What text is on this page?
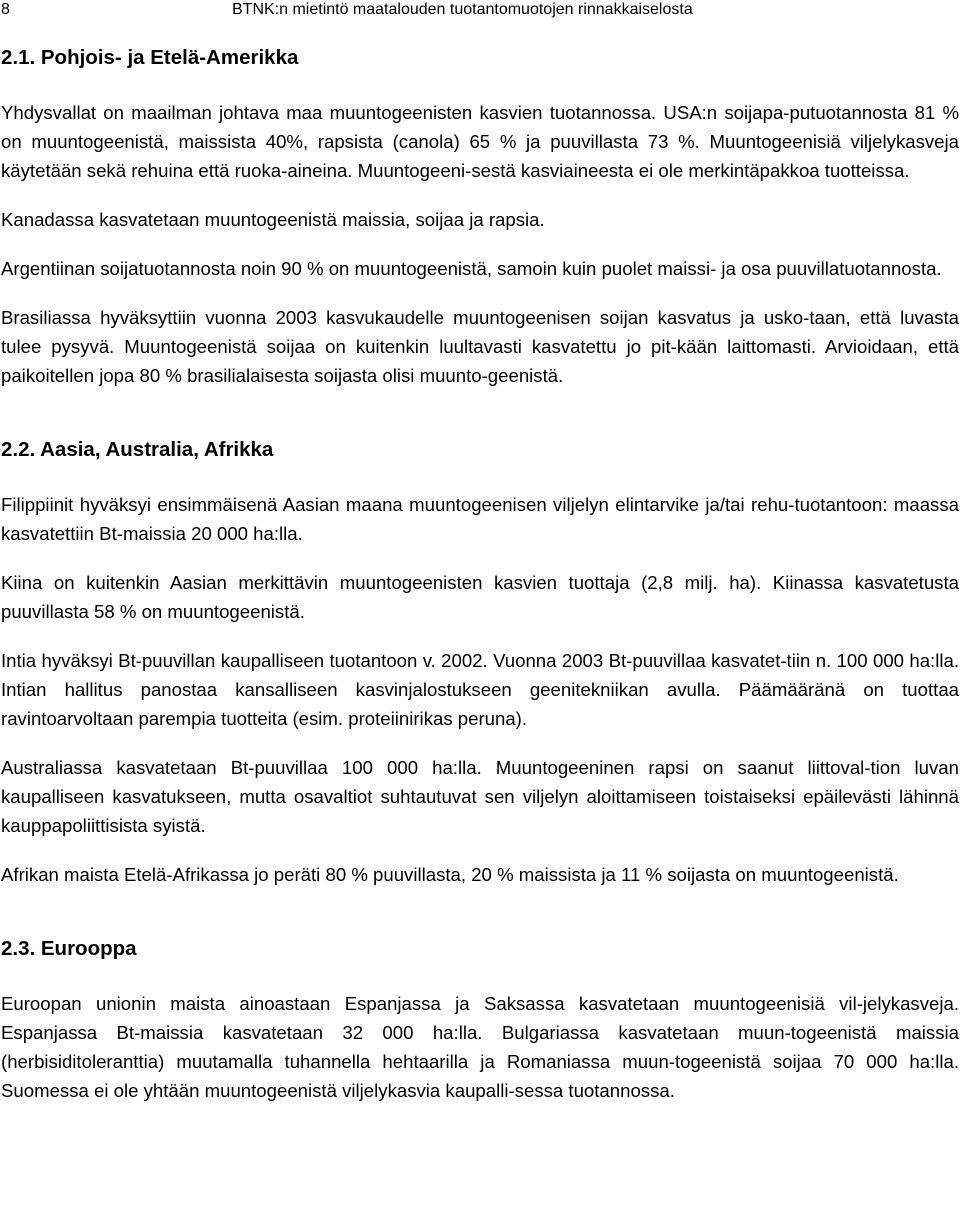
8	BTNK:n mietintö maatalouden tuotantomuotojen rinnakkaiselosta
2.1. Pohjois- ja Etelä-Amerikka

Yhdysvallat on maailman johtava maa muuntogeenisten kasvien tuotannossa. USA:n soijapa-putuotannosta 81 % on muuntogeenistä, maissista 40%, rapsista (canola) 65 % ja puuvillasta 73 %. Muuntogeenisiä viljelykasveja käytetään sekä rehuina että ruoka-aineina. Muuntogeeni-sestä kasviaineesta ei ole merkintäpakkoa tuotteissa.

Kanadassa kasvatetaan muuntogeenistä maissia, soijaa ja rapsia.

Argentiinan soijatuotannosta noin 90 % on muuntogeenistä, samoin kuin puolet maissi- ja osa puuvillatuotannosta.

Brasiliassa hyväksyttiin vuonna 2003 kasvukaudelle muuntogeenisen soijan kasvatus ja usko-taan, että luvasta tulee pysyvä. Muuntogeenistä soijaa on kuitenkin luultavasti kasvatettu jo pit-kään laittomasti. Arvioidaan, että paikoitellen jopa 80 % brasilialaisesta soijasta olisi muunto-geenistä.

2.2. Aasia, Australia, Afrikka

Filippiinit hyväksyi ensimmäisenä Aasian maana muuntogeenisen viljelyn elintarvike ja/tai rehu-tuotantoon: maassa kasvatettiin Bt-maissia 20 000 ha:lla.

Kiina on kuitenkin Aasian merkittävin muuntogeenisten kasvien tuottaja (2,8 milj. ha). Kiinassa kasvatetusta puuvillasta 58 % on muuntogeenistä.

Intia hyväksyi Bt-puuvillan kaupalliseen tuotantoon v. 2002. Vuonna 2003 Bt-puuvillaa kasvatet-tiin n. 100 000 ha:lla. Intian hallitus panostaa kansalliseen kasvinjalostukseen geenitekniikan avulla. Päämääränä on tuottaa ravintoarvoltaan parempia tuotteita (esim. proteiinirikas peruna).

Australiassa kasvatetaan Bt-puuvillaa 100 000 ha:lla. Muuntogeeninen rapsi on saanut liittoval-tion luvan kaupalliseen kasvatukseen, mutta osavaltiot suhtautuvat sen viljelyn aloittamiseen toistaiseksi epäilevästi lähinnä kauppapoliittisista syistä.

Afrikan maista Etelä-Afrikassa jo peräti 80 % puuvillasta, 20 % maissista ja 11 % soijasta on muuntogeenistä.

2.3. Eurooppa

Euroopan unionin maista ainoastaan Espanjassa ja Saksassa kasvatetaan muuntogeenisiä vil-jelykasveja. Espanjassa Bt-maissia kasvatetaan 32 000 ha:lla. Bulgariassa kasvatetaan muun-togeenistä maissia (herbisiditoleranttia) muutamalla tuhannella hehtaarilla ja Romaniassa muun-togeenistä soijaa 70 000 ha:lla. Suomessa ei ole yhtään muuntogeenistä viljelykasvia kaupalli-sessa tuotannossa.
